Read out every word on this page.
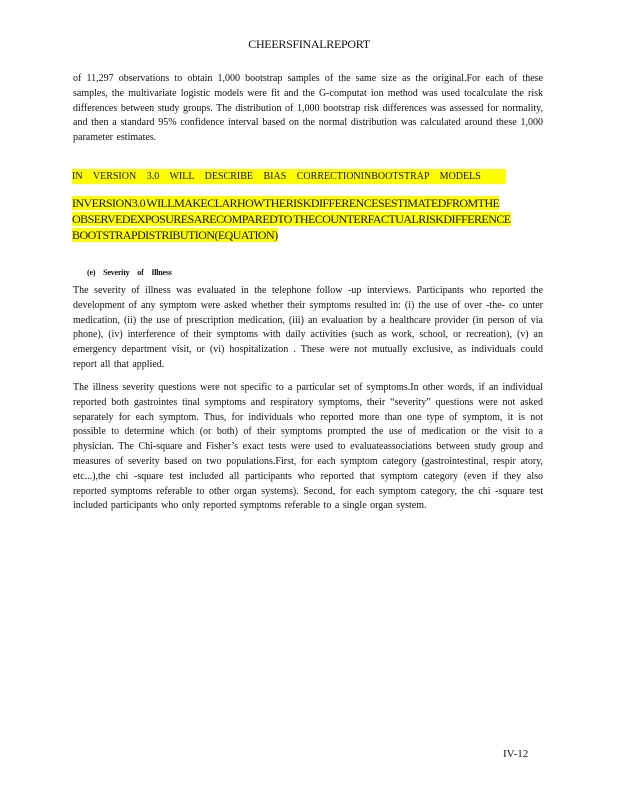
CHEERSFINALREPORT
of 11,297 observations to obtain 1,000 bootstrap samples of the same size as the original.For each of these samples, the multivariate logistic models were fit and the G-computat ion method was used tocalculate the risk differences between study groups. The distribution of 1,000 bootstrap risk differences was assessed for normality, and then a standard 95% confidence interval based on the normal distribution was calculated around these 1,000 parameter estimates.
IN VERSION 3.0 WILL DESCRIBE BIAS CORRECTIONINBOOTSTRAP MODELS
INVERSION3.0 WILLMAKECLARHOWTHERISKDIFFERENCESESTIMATEDFROMTHE OBSERVEDEXPOSURESARECOMPAREDTO THECOUNTERFACTUALRISKDIFFERENCE BOOTSTRAPDISTRIBUTION(EQUATION)
(e) Severity of Illness
The severity of illness was evaluated in the telephone follow -up interviews. Participants who reported the development of any symptom were asked whether their symptoms resulted in: (i) the use of over -the- co unter medication, (ii) the use of prescription medication, (iii) an evaluation by a healthcare provider (in person of via phone), (iv) interference of their symptoms with daily activities (such as work, school, or recreation), (v) an emergency department visit, or (vi) hospitalization . These were not mutually exclusive, as individuals could report all that applied.
The illness severity questions were not specific to a particular set of symptoms.In other words, if an individual reported both gastrointes tinal symptoms and respiratory symptoms, their “severity” questions were not asked separately for each symptom. Thus, for individuals who reported more than one type of symptom, it is not possible to determine which (or both) of their symptoms prompted the use of medication or the visit to a physician. The Chi-square and Fisher’s exact tests were used to evaluateassociations between study group and measures of severity based on two populations.First, for each symptom category (gastrointestinal, respir atory, etc...),the chi -square test included all participants who reported that symptom category (even if they also reported symptoms referable to other organ systems). Second, for each symptom category, the chi -square test included participants who only reported symptoms referable to a single organ system.
IV-12
